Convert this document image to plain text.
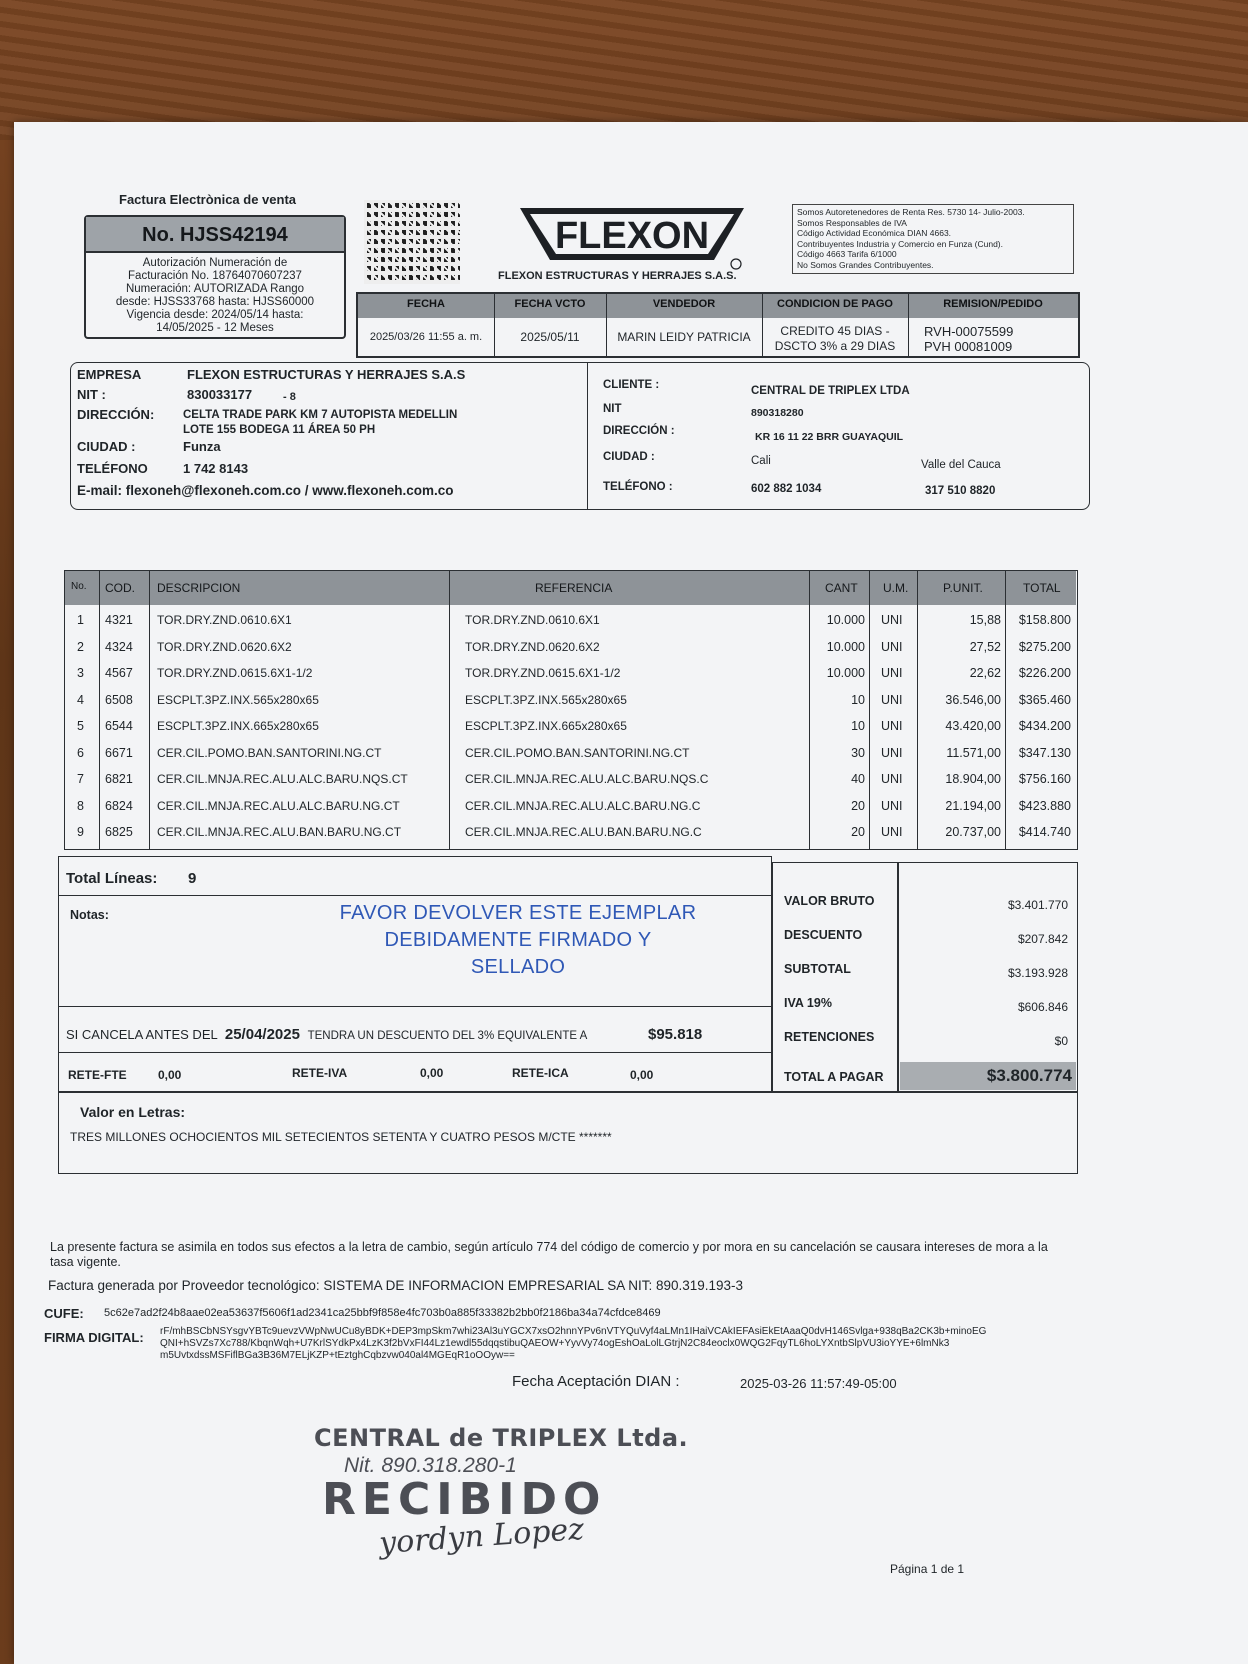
Factura Electrònica de venta
No. HJSS42194
Autorización Numeración de
Facturación No. 18764070607237
Numeración: AUTORIZADA Rango
desde: HJSS33768 hasta: HJSS60000
Vigencia desde: 2024/05/14 hasta:
14/05/2025 - 12 Meses
FLEXON
FLEXON ESTRUCTURAS Y HERRAJES S.A.S.
Somos Autoretenedores de Renta Res. 5730 14- Julio-2003.
Somos Responsables de IVA
Código Actividad Económica DIAN 4663.
Contribuyentes Industria y Comercio en Funza (Cund).
Código 4663 Tarifa 6/1000
No Somos Grandes Contribuyentes.
FECHA	FECHA VCTO	VENDEDOR	CONDICION DE PAGO	REMISION/PEDIDO
2025/03/26 11:55 a. m.	2025/05/11	MARIN LEIDY PATRICIA	CREDITO 45 DIAS -
DSCTO 3% a 29 DIAS
RVH-00075599
PVH 00081009
EMPRESA	FLEXON ESTRUCTURAS Y HERRAJES S.A.S
NIT :	830033177	- 8
DIRECCIÓN: CELTA TRADE PARK KM 7 AUTOPISTA MEDELLIN
LOTE 155 BODEGA 11 ÁREA 50 PH
CIUDAD :	Funza
TELÉFONO	1 742 8143
E-mail: flexoneh@flexoneh.com.co / www.flexoneh.com.co
CLIENTE :	CENTRAL DE TRIPLEX LTDA
NIT	890318280
DIRECCIÓN :	KR 16 11 22 BRR GUAYAQUIL
CIUDAD :	Cali	Valle del Cauca
TELÉFONO :	602 882 1034	317 510 8820
No. COD. DESCRIPCION	REFERENCIA	CANT U.M.	P.UNIT.	TOTAL
1 4321 TOR.DRY.ZND.0610.6X1	TOR.DRY.ZND.0610.6X1	10.000 UNI	15,88	$158.800
2 4324 TOR.DRY.ZND.0620.6X2	TOR.DRY.ZND.0620.6X2	10.000 UNI	27,52	$275.200
3 4567 TOR.DRY.ZND.0615.6X1-1/2	TOR.DRY.ZND.0615.6X1-1/2	10.000 UNI	22,62	$226.200
4 6508 ESCPLT.3PZ.INX.565x280x65	ESCPLT.3PZ.INX.565x280x65	10 UNI	36.546,00	$365.460
5 6544 ESCPLT.3PZ.INX.665x280x65	ESCPLT.3PZ.INX.665x280x65	10 UNI	43.420,00	$434.200
6 6671 CER.CIL.POMO.BAN.SANTORINI.NG.CT	CER.CIL.POMO.BAN.SANTORINI.NG.CT	30 UNI	11.571,00	$347.130
7 6821 CER.CIL.MNJA.REC.ALU.ALC.BARU.NQS.CT	CER.CIL.MNJA.REC.ALU.ALC.BARU.NQS.C	40 UNI	18.904,00	$756.160
8 6824 CER.CIL.MNJA.REC.ALU.ALC.BARU.NG.CT	CER.CIL.MNJA.REC.ALU.ALC.BARU.NG.C	20 UNI	21.194,00	$423.880
9 6825 CER.CIL.MNJA.REC.ALU.BAN.BARU.NG.CT	CER.CIL.MNJA.REC.ALU.BAN.BARU.NG.C	20 UNI	20.737,00	$414.740
Total Líneas: 9
Notas:	FAVOR DEVOLVER ESTE EJEMPLAR
DEBIDAMENTE FIRMADO Y
SELLADO
SI CANCELA ANTES DEL 25/04/2025 TENDRA UN DESCUENTO DEL 3% EQUIVALENTE A	$95.818
RETE-FTE	0,00	RETE-IVA	0,00	RETE-ICA	0,00
VALOR BRUTO	$3.401.770
DESCUENTO	$207.842
SUBTOTAL	$3.193.928
IVA 19%	$606.846
RETENCIONES	$0
TOTAL A PAGAR	$3.800.774
Valor en Letras:
TRES MILLONES OCHOCIENTOS MIL SETECIENTOS SETENTA Y CUATRO PESOS M/CTE *******
La presente factura se asimila en todos sus efectos a la letra de cambio, según artículo 774 del código de comercio y por mora en su cancelación se causara intereses de mora a la tasa vigente.
Factura generada por Proveedor tecnológico: SISTEMA DE INFORMACION EMPRESARIAL SA NIT: 890.319.193-3
CUFE: 5c62e7ad2f24b8aae02ea53637f5606f1ad2341ca25bbf9f858e4fc703b0a885f33382b2bb0f2186ba34a74cfdce8469
FIRMA DIGITAL: rF/mhBSCbNSYsgvYBTc9uevzVWpNwUCu8yBDK+DEP3mpSkm7whi23Al3uYGCX7xsO2hnnYPv6nVTYQuVyf4aLMn1IHaiVCAkIEFAsiEkEtAaaQ0dvH146Svlga+938qBa2CK3b+minoEG
QNI+hSVZs7Xc788/KbqnWqh+U7KrlSYdkPx4LzK3f2bVxFI44Lz1ewdl55dqqstibuQAEOW+YyvVy74ogEshOaLolLGtrjN2C84eoclx0WQG2FqyTL6hoLYXntbSlpVU3ioYYE+6lmNk3
m5UvtxdssMSFiflBGa3B36M7ELjKZP+tEztghCqbzvw040al4MGEqR1oOOyw==
Fecha Aceptación DIAN :	2025-03-26 11:57:49-05:00
CENTRAL de TRIPLEX Ltda.
Nit. 890.318.280-1
RECIBIDO
yordyn Lopez
Página 1 de 1
